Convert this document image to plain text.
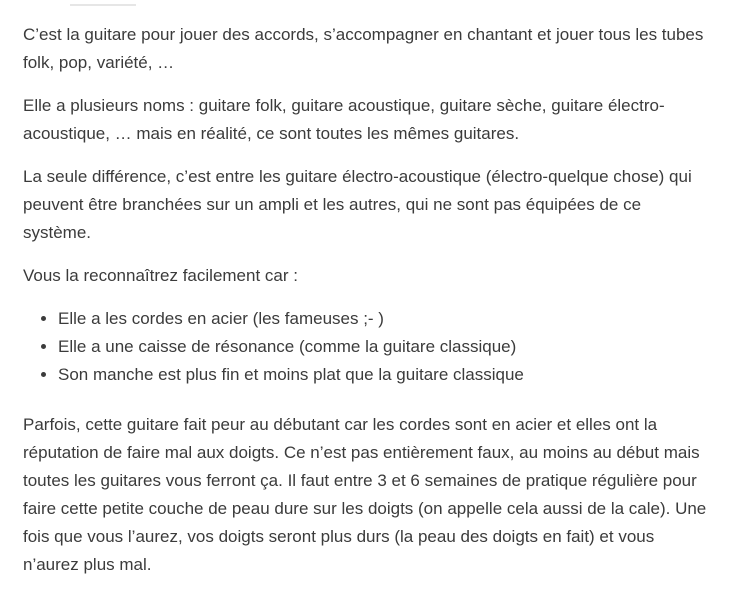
C’est la guitare pour jouer des accords, s’accompagner en chantant et jouer tous les tubes folk, pop, variété, …

Elle a plusieurs noms : guitare folk, guitare acoustique, guitare sèche, guitare électro-acoustique, … mais en réalité, ce sont toutes les mêmes guitares.

La seule différence, c’est entre les guitare électro-acoustique (électro-quelque chose) qui peuvent être branchées sur un ampli et les autres, qui ne sont pas équipées de ce système.

Vous la reconnaîtrez facilement car :

• Elle a les cordes en acier (les fameuses ;- )
• Elle a une caisse de résonance (comme la guitare classique)
• Son manche est plus fin et moins plat que la guitare classique

Parfois, cette guitare fait peur au débutant car les cordes sont en acier et elles ont la réputation de faire mal aux doigts. Ce n’est pas entièrement faux, au moins au début mais toutes les guitares vous ferront ça. Il faut entre 3 et 6 semaines de pratique régulière pour faire cette petite couche de peau dure sur les doigts (on appelle cela aussi de la cale). Une fois que vous l’aurez, vos doigts seront plus durs (la peau des doigts en fait) et vous n’aurez plus mal.
